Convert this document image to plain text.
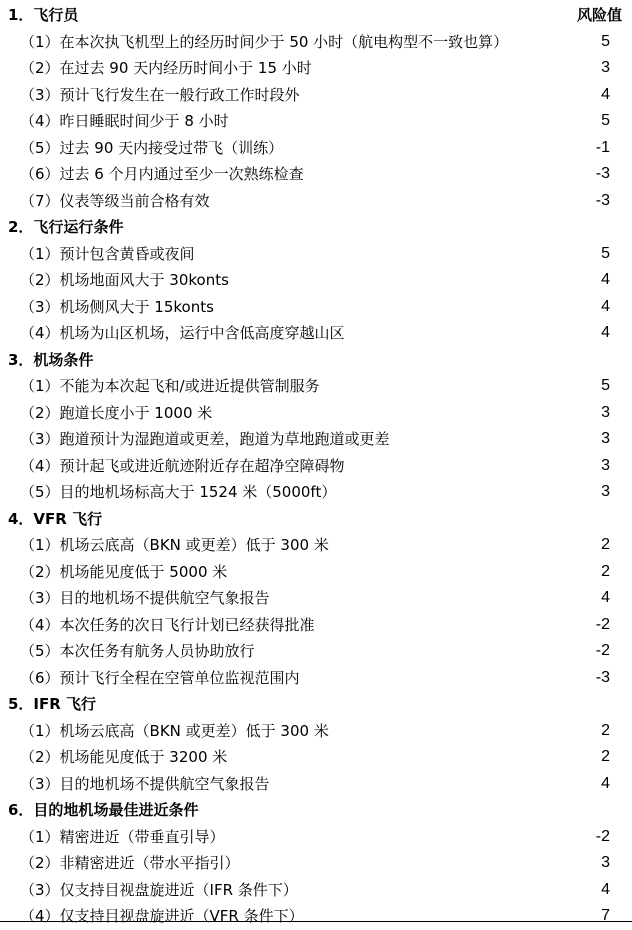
1．飞行员	风险值
（1）在本次执飞机型上的经历时间少于 50 小时（航电构型不一致也算）	5
（2）在过去 90 天内经历时间小于 15 小时	3
（3）预计飞行发生在一般行政工作时段外	4
（4）昨日睡眠时间少于 8 小时	5
（5）过去 90 天内接受过带飞（训练）	-1
（6）过去 6 个月内通过至少一次熟练检查	-3
（7）仪表等级当前合格有效	-3
2．飞行运行条件
（1）预计包含黄昏或夜间	5
（2）机场地面风大于 30konts	4
（3）机场侧风大于 15konts	4
（4）机场为山区机场，运行中含低高度穿越山区	4
3．机场条件
（1）不能为本次起飞和/或进近提供管制服务	5
（2）跑道长度小于 1000 米	3
（3）跑道预计为湿跑道或更差，跑道为草地跑道或更差	3
（4）预计起飞或进近航迹附近存在超净空障碍物	3
（5）目的地机场标高大于 1524 米（5000ft）	3
4．VFR 飞行
（1）机场云底高（BKN 或更差）低于 300 米	2
（2）机场能见度低于 5000 米	2
（3）目的地机场不提供航空气象报告	4
（4）本次任务的次日飞行计划已经获得批准	-2
（5）本次任务有航务人员协助放行	-2
（6）预计飞行全程在空管单位监视范围内	-3
5．IFR 飞行
（1）机场云底高（BKN 或更差）低于 300 米	2
（2）机场能见度低于 3200 米	2
（3）目的地机场不提供航空气象报告	4
6．目的地机场最佳进近条件
（1）精密进近（带垂直引导）	-2
（2）非精密进近（带水平指引）	3
（3）仅支持目视盘旋进近（IFR 条件下）	4
（4）仅支持目视盘旋进近（VFR 条件下）	7
